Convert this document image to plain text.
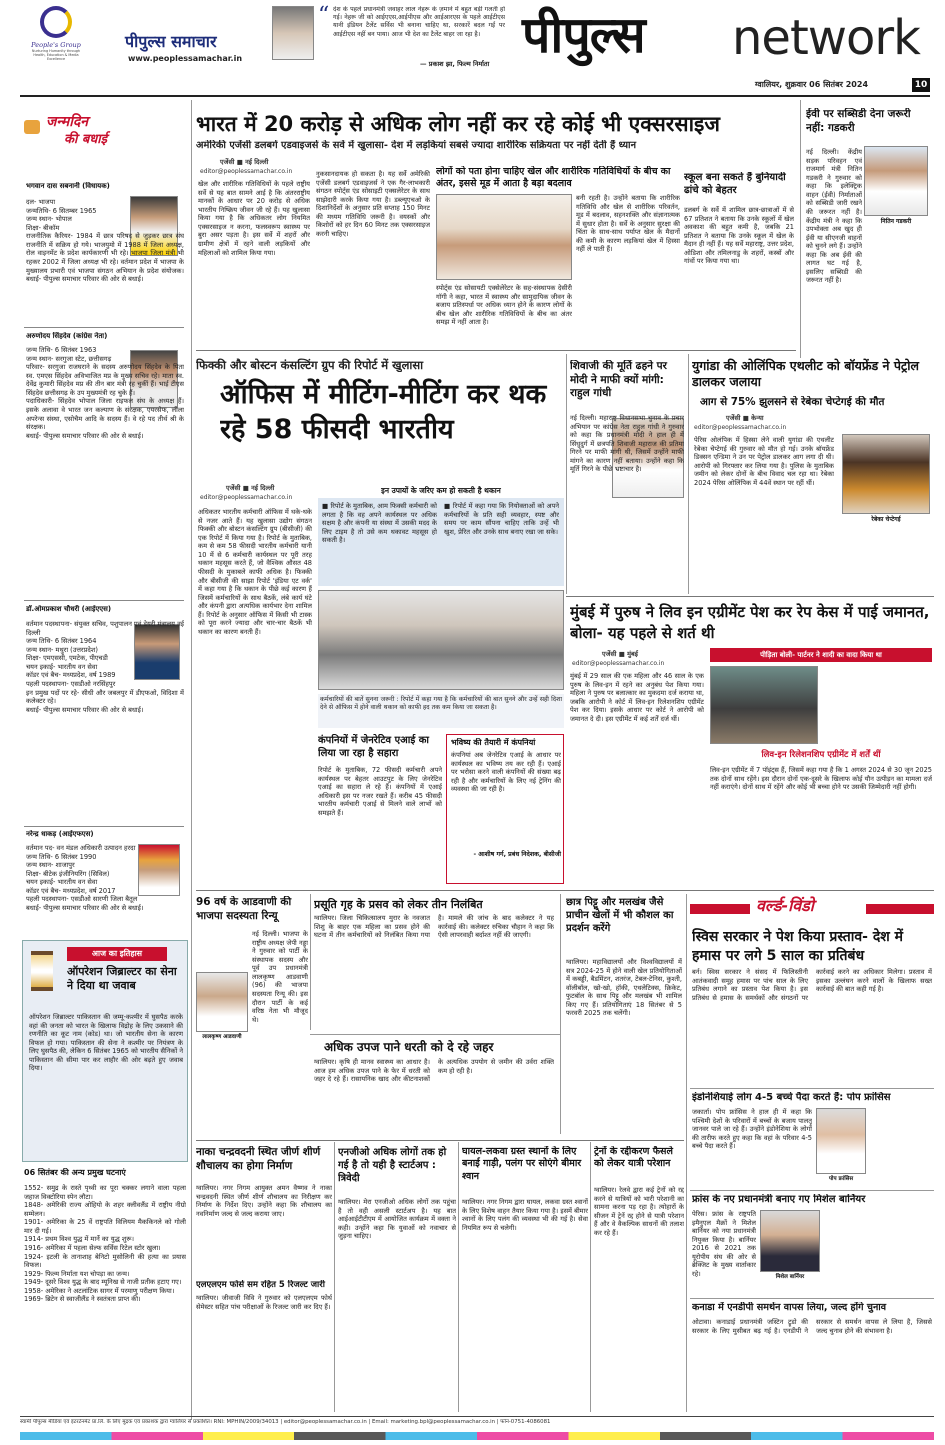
People's Group
Nurturing Humanity through Health, Education & Media Excellence
पीपुल्स समाचार
www.peoplessamachar.in
“ देश के पहले प्रधानमंत्री जवाहर लाल नेहरू के ज़माने में बहुत बड़ी गलती हो गई। नेहरू जी को आईएएस,आईपीएस और आईआरएस के पहले आईटीएस यानी इंडियन टैलेंट सर्विस भी बनाना चाहिए था, सरकारें बदल गईं पर आईटीएस नहीं बन पाया। आज भी देश का टैलेंट बाहर जा रहा है।
— प्रकाश झा, फिल्म निर्माता पीपुल्स network
ग्वालियर, शुक्रवार 06 सितंबर 2024	10
जन्मदिन
की बधाई
भगवान दास सबनानी (विधायक)
दल- भाजपा
जन्मतिथि- 6 सितम्बर 1965
जन्म स्थान- भोपाल
शिक्षा- बीकॉम
राजनीतिक कैरियर- 1984 में छात्र परिषद से जुड़कर छात्र संघ राजनीति में सक्रिय हो गये। भाजयुमो में 1988 में जिला अध्यक्ष, रोल वाइनमेंट के प्रदेश कार्यकारणी भी रहे। भाजपा जिला मंत्री भी रहकर 2002 में जिला अध्यक्ष भी रहे। वर्तमान प्रदेश में भाजपा के मुख्यालय प्रभारी एवं भाजपा संगठन अभियान के प्रदेश संयोजक। बधाई- पीपुल्स समाचार परिवार की ओर से बधाई।
अरुणोदय सिंहदेव (कांग्रेस नेता)
जन्म तिथि- 6 सितंबर 1963
जन्म स्थान- सरगुजा स्टेट, छत्तीसगढ़
परिवार- सरगुजा राजघराने के सदस्य अरुणोदय सिंहदेव के पिता स्व. एमएस सिंहदेव अविभाजित मप्र के मुख्य सचिव रहे। माता स्व. देवेंद्र कुमारी सिंहदेव मप्र की तीन बार मंत्री रह चुकीं हैं। भाई टीएस सिंहदेव छत्तीसगढ़ के उप मुख्यमंत्री रह चुके हैं।
पदाधिकारी- सिंहदेव भोपाल जिला राइफल संघ के अध्यक्ष हैं। इसके अलावा वे भारत जन कल्याण के संरक्षक, एयरसेफ, लीला अपरेन्स संस्था, एसोचैम आदि के सदस्य हैं। वे रहे पद तीर्थ श्री के संरक्षक।
बधाई- पीपुल्स समाचार परिवार की ओर से बधाई।
डॉ.ओमप्रकाश चौधरी (आईएएस)
वर्तमान पदस्थापना- संयुक्त सचिव, पशुपालन एवं डेयरी मंत्रालय नई दिल्ली
जन्म तिथि- 6 सितंबर 1964
जन्म स्थान- मथुरा (उत्तरप्रदेश)
शिक्षा- एमएससी, एमटेक, पीएचडी
चयन इकाई- भारतीय वन सेवा
कॉडर एवं बैच- मध्यप्रदेश, वर्ष 1989
पहली पदस्थापना- एसडीओ नरसिंहपुर
इन प्रमुख पदों पर रहे- सीधी और जबलपुर में डीएफओ, विदिशा में कलेक्टर रहे।
बधाई- पीपुल्स समाचार परिवार की ओर से बधाई।
नरेन्द्र धाकड़ (आईएफएस)
वर्तमान पद- वन मंडल अधिकारी उत्पादन हरदा
जन्म तिथि- 6 सितंबर 1990
जन्म स्थान- शाजापुर
शिक्षा- बीटेक इंजीनियरिंग (सिविल)
चयन इकाई- भारतीय वन सेवा
कॉडर एवं बैच- मध्यप्रदेश, वर्ष 2017
पहली पदस्थापना- एसडीओ सारणी जिला बैतूल
बधाई- पीपुल्स समाचार परिवार की ओर से बधाई।
आज का इतिहास
ऑपरेशन जिब्राल्टर का सेना ने दिया था जवाब
ऑपरेशन जिब्राल्टर पाकिस्तान की जम्मू-कश्मीर में घुसपैठ करके वहां की जनता को भारत के खिलाफ विद्रोह के लिए उकसाने की रणनीति का कूट नाम (कोड) था। जो भारतीय सेना के कारण विफल हो गया। पाकिस्तान की सेना ने कश्मीर पर नियंत्रण के लिए घुसपैठ की, लेकिन 6 सितंबर 1965 को भारतीय सैनिकों ने पाकिस्तान की सीमा पार कर लाहौर की ओर बढ़ते हुए जवाब दिया।
06 सितंबर की अन्य प्रमुख घटनाएं
1552- समुद्र के रास्ते पृथ्वी का पूरा चक्कर लगाने वाला पहला जहाज विक्टोरिया स्पेन लौटा।
1848- अमेरिकी राज्य ओहियो के शहर क्लीवलैंड में राष्ट्रीय नीग्रो सम्मेलन।
1901- अमेरिका के 25 वें राष्ट्रपति विलियम मैककिनले को गोली मार दी गई।
1914- प्रथम विश्व युद्ध में मार्ने का युद्ध शुरू।
1916- अमेरिका में पहला सेल्फ सर्विस रिटेल स्टोर खुला।
1924- इटली के तानाशाह बेनिटो मुसोलिनी की हत्या का प्रयास विफल।
1929- फिल्म निर्माता यश चोपड़ा का जन्म।
1949- दूसरे विश्व युद्ध के बाद म्यूनिख से नाजी प्रतीक हटाए गए।
1958- अमेरिका ने अटलांटिक सागर में परमाणु परीक्षण किया।
1969- ब्रिटेन से स्वाजीलैंड ने स्वतंत्रता प्राप्त की।
भारत में 20 करोड़ से अधिक लोग नहीं कर रहे कोई भी एक्सरसाइज
अमेरिकी एजेंसी डलबर्ग एडवाइजर्स के सर्वे में खुलासा- देश में लड़कियां सबसे ज्यादा शारीरिक सक्रियता पर नहीं देती हैं ध्यान
एजेंसी ■ नई दिल्ली
editor@peoplessamachar.co.in
खेल और शारीरिक गतिविधियों के पहले राष्ट्रीय सर्वे से यह बात सामने आई है कि अंतरराष्ट्रीय मानकों के आधार पर 20 करोड़ से अधिक भारतीय निष्क्रिय जीवन जी रहे हैं। यह खुलासा किया गया है कि अधिकतर लोग नियमित एक्सरसाइज न करना, फलस्वरूप स्वास्थ्य पर बुरा असर पड़ता है। इस सर्वे में शहरों और ग्रामीण क्षेत्रों में रहने वाली लड़कियों और महिलाओं को शामिल किया गया।
नुकसानदायक हो सकता है। यह सर्वे अमेरिकी एजेंसी डलबर्ग एडवाइजर्स ने एक गैर-लाभकारी संगठन स्पोर्ट्स एंड सोसाइटी एक्सलेरेटर के साथ साझेदारी करके किया गया है। डब्ल्यूएचओ के दिशानिर्देशों के अनुसार प्रति सप्ताह 150 मिनट की मध्यम गतिविधि जरूरी है। वयस्कों और किशोरों को हर दिन 60 मिनट तक एक्सरसाइज करनी चाहिए।
लोगों को पता होना चाहिए खेल और शारीरिक गतिविधियों के बीच का अंतर, इससे मूड में आता है बड़ा बदलाव
बनी रहती है। उन्होंने बताया कि शारीरिक गतिविधि और खेल से शारीरिक परिवर्तन, मूड में बदलाव, सहनशक्ति और संज्ञानात्मक में सुधार होता है। सर्वे के अनुसार सुरक्षा की चिंता के साथ-साथ पर्याप्त खेल के मैदानों की कमी के कारण लड़कियां खेल में हिस्सा नहीं ले पाती हैं।
स्पोर्ट्स एंड सोसायटी एक्सेलेरेटर के सह-संस्थापक देसीरी गॉगी ने कहा, भारत में स्वास्थ्य और सामुदायिक जीवन के बजाय प्रतिस्पर्धा पर अधिक ध्यान होने के कारण लोगों के बीच खेल और शारीरिक गतिविधियों के बीच का अंतर समझ में नहीं आता है।
स्कूल बना सकते हैं बुनियादी ढांचे को बेहतर
डलबर्ग के सर्वे में शामिल छात्र-छात्राओं में से 67 प्रतिशत ने बताया कि उनके स्कूलों में खेल अवकाश की बहुत कमी है, जबकि 21 प्रतिशत ने बताया कि उनके स्कूल में खेल के मैदान ही नहीं हैं। यह सर्वे महाराष्ट्र, उत्तर प्रदेश, ओडिशा और तमिलनाडु के शहरों, कस्बों और गांवों पर किया गया था।
ईवी पर सब्सिडी देना जरूरी नहीं: गडकरी
नितिन गडकरी
नई दिल्ली। केंद्रीय सड़क परिवहन एवं राजमार्ग मंत्री नितिन गडकरी ने गुरुवार को कहा कि इलेक्ट्रिक वाहन (ईवी) निर्माताओं को सब्सिडी जारी रखने की जरूरत नहीं है। केंद्रीय मंत्री ने कहा कि उपभोक्ता अब खुद ही ईवी या सीएनजी वाहनों को चुनने लगे हैं। उन्होंने कहा कि अब ईवी की लागत घट गई है, इसलिए सब्सिडी की जरूरत नहीं है।
फिक्की और बोस्टन कंसल्टिंग ग्रुप की रिपोर्ट में खुलासा
ऑफिस में मीटिंग-मीटिंग कर थक रहे 58 फीसदी भारतीय
एजेंसी ■ नई दिल्ली
editor@peoplessamachar.co.in
अधिकतर भारतीय कर्मचारी ऑफिस में थके-थके से नजर आते हैं। यह खुलासा उद्योग संगठन फिक्की और बोस्टन कंसल्टिंग ग्रुप (बीसीजी) की एक रिपोर्ट में किया गया है। रिपोर्ट के मुताबिक, कम से कम 58 फीसदी भारतीय कर्मचारी यानी 10 में से 6 कर्मचारी कार्यस्थल पर पूरी तरह थकान महसूस करते हैं, जो वैश्विक औसत 48 फीसदी के मुकाबले काफी अधिक है। फिक्की और बीसीजी की साझा रिपोर्ट 'इंडिया एट वर्क' में कहा गया है कि थकान के पीछे कई कारण हैं जिसमें कर्मचारियों के साथ बैठकें, लंबे कार्य घंटे और कंपनी द्वारा अत्यधिक कार्यभार देना शामिल हैं। रिपोर्ट के अनुसार ऑफिस में किसी भी टास्क को पूरा करने ज्यादा और चार-चार बैठकें भी थकान का कारण बनती हैं।
इन उपायों के जरिए कम हो सकती है थकान
■ रिपोर्ट के मुताबिक, आम फिक्सी कर्मचारी को लगता है कि वह अपने कार्यस्थल पर अधिक सक्षम है और कंपनी या संस्था में उसकी मदद के लिए टाइम है तो उसे कम थकावट महसूस हो सकती है।
■ रिपोर्ट में कहा गया कि नियोक्ताओं को अपने कर्मचारियों के प्रति सही व्यवहार, स्पष्ट और समय पर काम सौंपना चाहिए ताकि उन्हें भी खुश, प्रेरित और उनके साथ बनाए रखा जा सके।
कर्मचारियों की बातें सुनना जरूरी : रिपोर्ट में कहा गया है कि कर्मचारियों की बात सुनने और उन्हें सही दिशा देने से ऑफिस में होने वाली थकान को काफी हद तक कम किया जा सकता है।
कंपनियों में जेनरेटिव एआई का लिया जा रहा है सहारा
रिपोर्ट के मुताबिक, 72 फीसदी कर्मचारी अपने कार्यस्थल पर बेहतर आउटपुट के लिए जेनरेटिव एआई का सहारा ले रहे हैं। कंपनियों में एआई अधिकारी इस पर नजर रखते हैं। करीब 45 फीसदी भारतीय कर्मचारी एआई से मिलने वाले लाभों को समझते हैं।
भविष्य की तैयारी में कंपनियां
कंपनियां अब जेनरेटिव एआई के आधार पर कार्यस्थल का भविष्य तय कर रही हैं। एआई पर भरोसा करने वाली कंपनियों की संख्या बढ़ रही है और कर्मचारियों के लिए नई ट्रेनिंग की व्यवस्था की जा रही है।
- आशीष गर्ग, प्रबंध निदेशक, बीसीजी
शिवाजी की मूर्ति ढहने पर मोदी ने माफी क्यों मांगी: राहुल गांधी
नई दिल्ली। महाराष्ट्र विधानसभा चुनाव के प्रचार अभियान पर कांग्रेस नेता राहुल गांधी ने गुरुवार को कहा कि प्रधानमंत्री मोदी ने हाल ही में सिंधुदुर्ग में छत्रपति शिवाजी महाराज की प्रतिमा गिरने पर माफी मांगी थी, जिसमें उन्होंने माफी मांगने का कारण नहीं बताया। उन्होंने कहा कि मूर्ति गिरने के पीछे भ्रष्टाचार है।
युगांडा की ओलिंपिक एथलीट को बॉयफ्रेंड ने पेट्रोल डालकर जलाया
आग से 75% झुलसने से रेबेका चेप्टेगई की मौत
एजेंसी ■ केन्या
editor@peoplessamachar.co.in
पेरिस ओलंपिक में हिस्सा लेने वाली युगांडा की एथलीट रेबेका चेप्टेगई की गुरुवार को मौत हो गई। उनके बॉयफ्रेंड डिक्सन एन्डिमा ने उन पर पेट्रोल डालकर आग लगा दी थी। आरोपी को गिरफ्तार कर लिया गया है। पुलिस के मुताबिक जमीन को लेकर दोनों के बीच विवाद चल रहा था। रेबेका 2024 पेरिस ओलिंपिक में 44वें स्थान पर रहीं थीं।
रेबेका चेप्टेगई
मुंबई में पुरुष ने लिव इन एग्रीमेंट पेश कर रेप केस में पाई जमानत, बोला- यह पहले से शर्त थी
एजेंसी ■ मुंबई
editor@peoplessamachar.co.in
पीड़िता बोली- पार्टनर ने शादी का वादा किया था
मुंबई में 29 साल की एक महिला और 46 साल के एक पुरुष के लिव-इन में रहने का अनुबंध पेश किया गया। महिला ने पुरुष पर बलात्कार का मुकदमा दर्ज कराया था, जबकि आरोपी ने कोर्ट में लिव-इन रिलेशनशिप एग्रीमेंट पेश कर दिया। इसके आधार पर कोर्ट ने आरोपी को जमानत दे दी। इस एग्रीमेंट में कई शर्तें दर्ज थीं।
लिव-इन रिलेशनशिप एग्रीमेंट में शर्तें थीं
लिव-इन एग्रीमेंट में 7 पॉइंट्स हैं, जिसमें कहा गया है कि 1 अगस्त 2024 से 30 जून 2025 तक दोनों साथ रहेंगे। इस दौरान दोनों एक-दूसरे के खिलाफ कोई यौन उत्पीड़न का मामला दर्ज नहीं कराएंगे। दोनों साथ में रहेंगे और कोई भी बच्चा होने पर उसकी जिम्मेदारी नहीं होगी।
96 वर्ष के आडवाणी की भाजपा सदस्यता रिन्यू
लालकृष्ण आडवाणी
नई दिल्ली। भाजपा के राष्ट्रीय अध्यक्ष जेपी नड्डा ने गुरुवार को पार्टी के संस्थापक सदस्य और पूर्व उप प्रधानमंत्री लालकृष्ण आडवाणी (96) की भाजपा सदस्यता रिन्यू की। इस दौरान पार्टी के कई वरिष्ठ नेता भी मौजूद थे।
प्रसूति गृह के प्रसव को लेकर तीन निलंबित
ग्वालियर। जिला चिकित्सालय मुरार के नवजात शिशु के बाहर एक महिला का प्रसव होने की घटना में तीन कर्मचारियों को निलंबित किया गया है। मामले की जांच के बाद कलेक्टर ने यह कार्रवाई की। कलेक्टर रुचिका चौहान ने कहा कि ऐसी लापरवाही बर्दाश्त नहीं की जाएगी।
अधिक उपज पाने धरती को दे रहे जहर
ग्वालियर। कृषि ही मानव स्वास्थ्य का आधार है। आज हम अधिक उपज पाने के फेर में धरती को जहर दे रहे हैं। रासायनिक खाद और कीटनाशकों के अत्यधिक उपयोग से जमीन की उर्वरा शक्ति कम हो रही है।
छात्र पिट्टू और मलखंब जैसे प्राचीन खेलों में भी कौशल का प्रदर्शन करेंगे
ग्वालियर। महाविद्यालयों और विश्वविद्यालयों में सत्र 2024-25 में होने वाली खेल प्रतियोगिताओं में कबड्डी, बैडमिंटन, शतरंज, टेबल-टेनिस, कुश्ती, वॉलीबॉल, खो-खो, हॉकी, एथलेटिक्स, क्रिकेट, फुटबॉल के साथ पिट्टू और मलखंब भी शामिल किए गए हैं। प्रतियोगिताएं 18 सितंबर से 5 फरवरी 2025 तक चलेंगी।
वर्ल्ड-विंडो
स्विस सरकार ने पेश किया प्रस्ताव- देश में हमास पर लगे 5 साल का प्रतिबंध
बर्न। स्विस सरकार ने संसद में फिलिस्तीनी आतंकवादी समूह हमास पर पांच साल के लिए प्रतिबंध लगाने का प्रस्ताव पेश किया है। इस प्रतिबंध से हमास के समर्थकों और संगठनों पर कार्रवाई करने का अधिकार मिलेगा। प्रस्ताव में इसका उल्लंघन करने वालों के खिलाफ सख्त कार्रवाई की बात कही गई है।
इंडोनेशियाई लोग 4-5 बच्चे पैदा करते हैं: पोप फ्रांसिस
जकार्ता। पोप फ्रांसिस ने हाल ही में कहा कि पश्चिमी देशों के परिवारों में बच्चों के बजाय पालतू जानवर पाले जा रहे हैं। उन्होंने इंडोनेशिया के लोगों की तारीफ करते हुए कहा कि वहां के परिवार 4-5 बच्चे पैदा करते हैं।
पोप फ्रांसिस
फ्रांस के नए प्रधानमंत्री बनाए गए मिशेल बार्नियर
पेरिस। फ्रांस के राष्ट्रपति इमैनुएल मैक्रों ने मिशेल बार्नियर को नया प्रधानमंत्री नियुक्त किया है। बार्नियर 2016 से 2021 तक यूरोपीय संघ की ओर से ब्रेक्जिट के मुख्य वार्ताकार रहे।	मिशेल बार्नियर
कनाडा में एनडीपी समर्थन वापस लिया, जल्द होंगे चुनाव
ओटावा। कनाडाई प्रधानमंत्री जस्टिन ट्रूडो की सरकार के लिए मुसीबत बढ़ गई है। एनडीपी ने सरकार से समर्थन वापस ले लिया है, जिससे जल्द चुनाव होने की संभावना है।
नाका चन्द्रवदनी स्थित जीर्ण शीर्ण शौचालय का होगा निर्माण
ग्वालियर। नगर निगम आयुक्त अमन वैष्णव ने नाका चन्द्रवदनी स्थित जीर्ण शीर्ण शौचालय का निरीक्षण कर निर्माण के निर्देश दिए। उन्होंने कहा कि शौचालय का नवनिर्माण जल्द से जल्द कराया जाए।
एलएलएम फोर्स सम रहित 5 रिजल्ट जारी
ग्वालियर। जीवाजी विवि ने गुरुवार को एलएलएम फोर्थ सेमेस्टर सहित पांच परीक्षाओं के रिजल्ट जारी कर दिए हैं।
एनजीओ अधिक लोगों तक हो गई है तो यही है स्टार्टअप : त्रिवेदी
ग्वालियर। मेरा एनजीओ अधिक लोगों तक पहुंचा है तो वही असली स्टार्टअप है। यह बात आईआईटीटीएम में आयोजित कार्यक्रम में वक्ता ने कही। उन्होंने कहा कि युवाओं को नवाचार से जुड़ना चाहिए।
घायल-लकवा ग्रस्त स्थानों के लिए बनाई गाड़ी, पलंग पर सोएंगे बीमार श्वान
ग्वालियर। नगर निगम द्वारा घायल, लकवा ग्रस्त श्वानों के लिए विशेष वाहन तैयार किया गया है। इसमें बीमार श्वानों के लिए पलंग की व्यवस्था भी की गई है। सेवा नियमित रूप से चलेगी।
ट्रेनों के रद्दीकरण फैसले को लेकर यात्री परेशान
ग्वालियर। रेलवे द्वारा कई ट्रेनों को रद्द करने से यात्रियों को भारी परेशानी का सामना करना पड़ रहा है। त्योहारों के सीजन में ट्रेनें रद्द होने से यात्री परेशान हैं और वे वैकल्पिक साधनों की तलाश कर रहे हैं।
स्वामी पीपुल्स मीडिया एवं इंटरटेनमेंट प्रा.लि. के लिए मुद्रक एवं प्रकाशक द्वारा ग्वालियर से प्रकाशित। RNI: MPHIN/2009/34013 | editor@peoplessamachar.co.in | Email: marketing.bpl@peoplessamachar.co.in | फोन-0751-4086081
